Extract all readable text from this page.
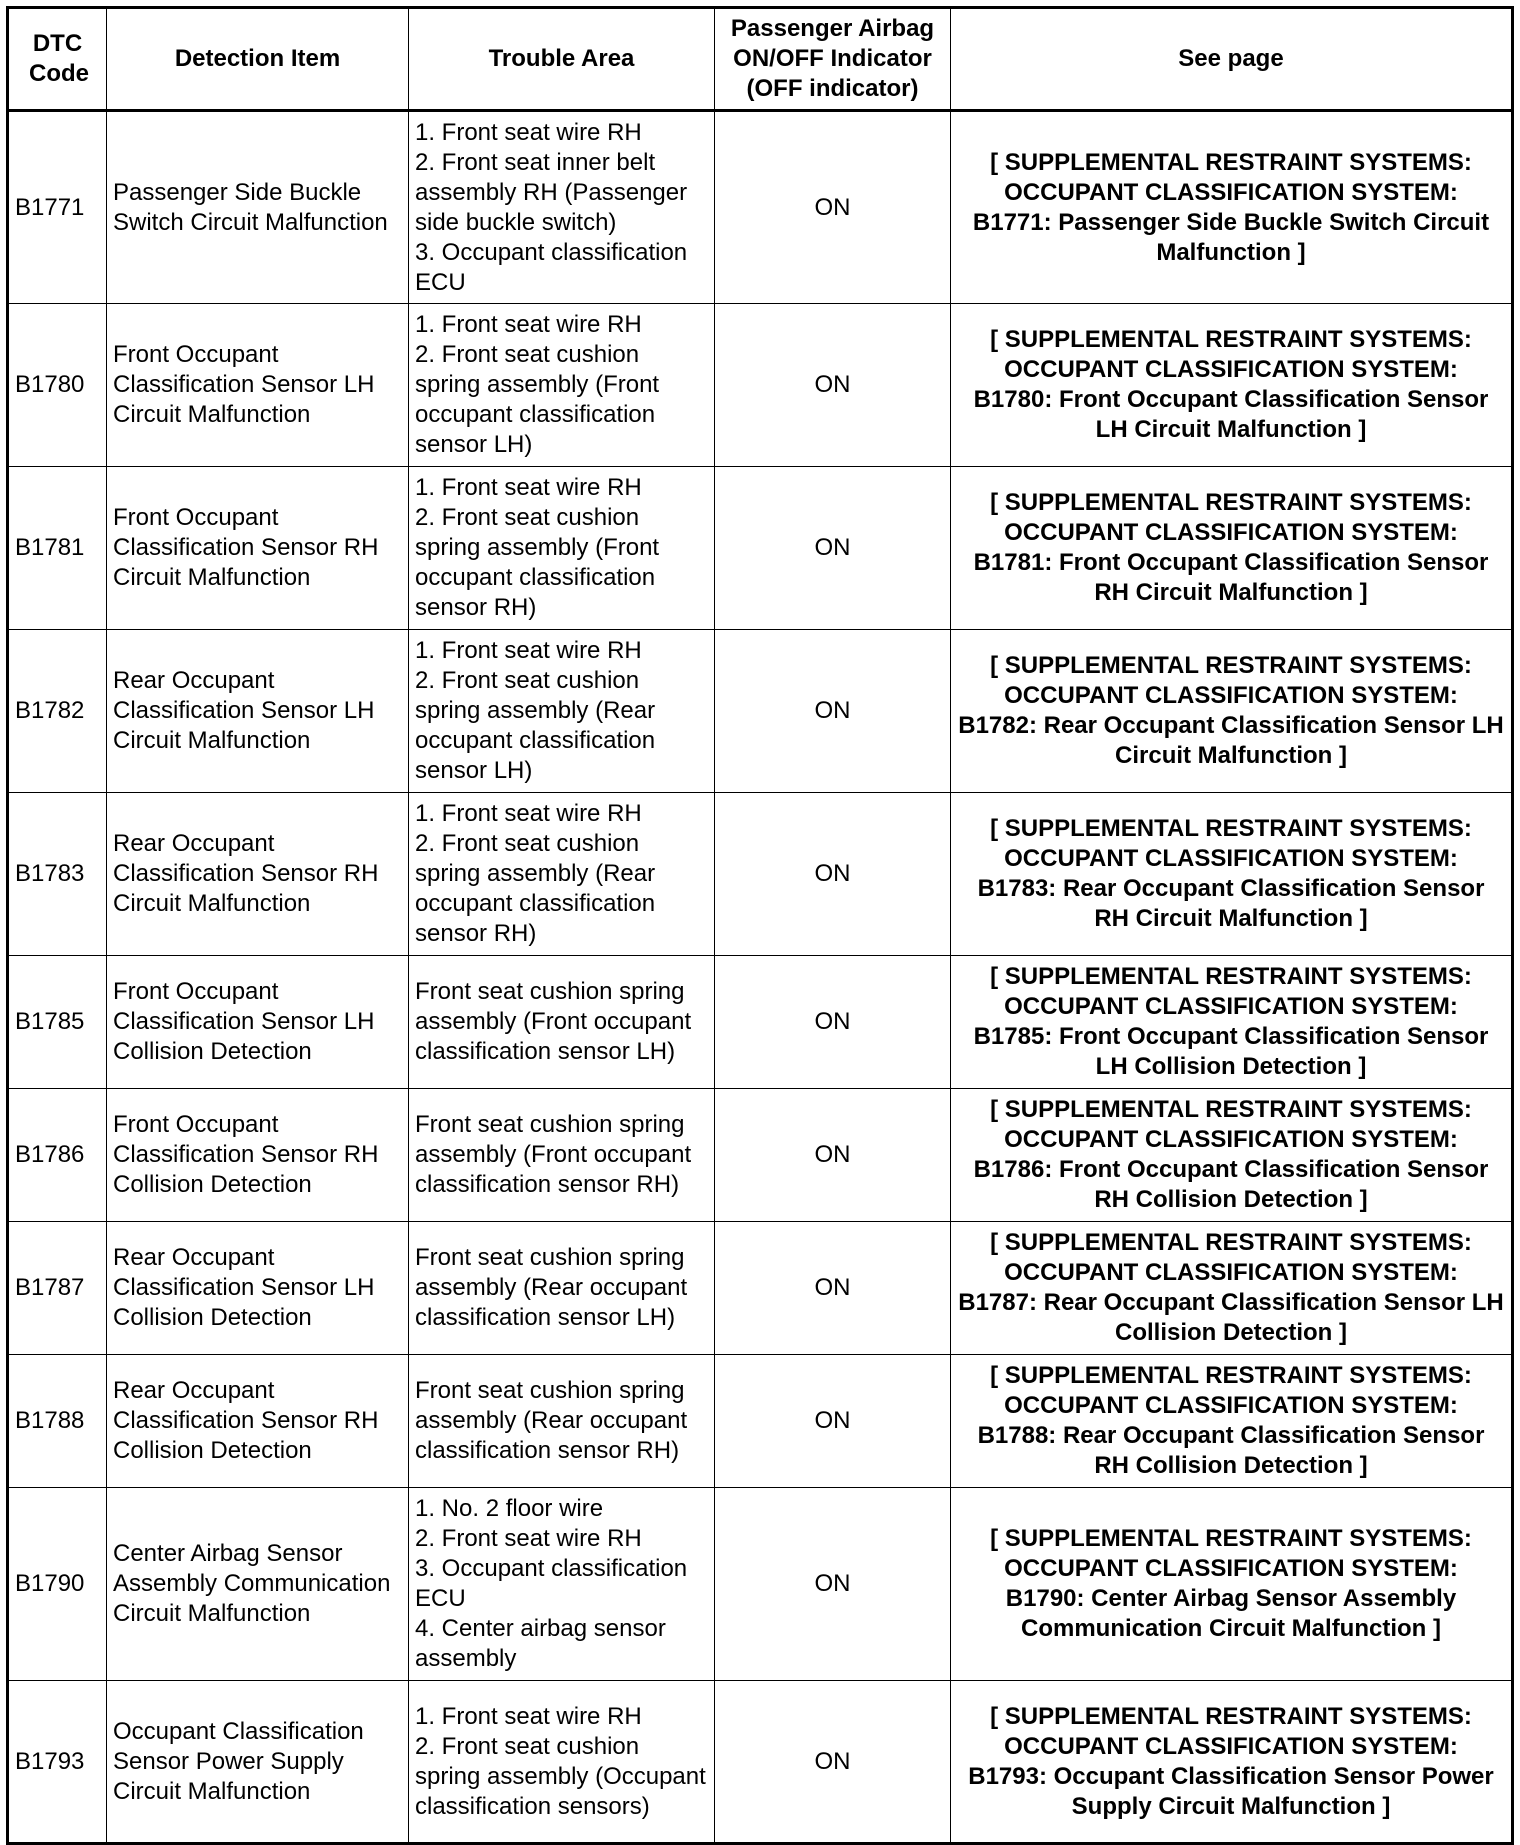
DTC Code	Detection Item	Trouble Area	Passenger Airbag ON/OFF Indicator (OFF indicator)	See page
B1771	Passenger Side Buckle Switch Circuit Malfunction	1. Front seat wire RH
2. Front seat inner belt assembly RH (Passenger side buckle switch)
3. Occupant classification ECU	ON	[ SUPPLEMENTAL RESTRAINT SYSTEMS:
OCCUPANT CLASSIFICATION SYSTEM:
B1771: Passenger Side Buckle Switch Circuit Malfunction ]

B1780	Front Occupant Classification Sensor LH Circuit Malfunction	1. Front seat wire RH
2. Front seat cushion spring assembly (Front occupant classification sensor LH)	ON	[ SUPPLEMENTAL RESTRAINT SYSTEMS:
OCCUPANT CLASSIFICATION SYSTEM:
B1780: Front Occupant Classification Sensor LH Circuit Malfunction ]

B1781	Front Occupant Classification Sensor RH Circuit Malfunction	1. Front seat wire RH
2. Front seat cushion spring assembly (Front occupant classification sensor RH)	ON	[ SUPPLEMENTAL RESTRAINT SYSTEMS:
OCCUPANT CLASSIFICATION SYSTEM:
B1781: Front Occupant Classification Sensor RH Circuit Malfunction ]

B1782	Rear Occupant Classification Sensor LH Circuit Malfunction	1. Front seat wire RH
2. Front seat cushion spring assembly (Rear occupant classification sensor LH)	ON	[ SUPPLEMENTAL RESTRAINT SYSTEMS:
OCCUPANT CLASSIFICATION SYSTEM:
B1782: Rear Occupant Classification Sensor LH Circuit Malfunction ]

B1783	Rear Occupant Classification Sensor RH Circuit Malfunction	1. Front seat wire RH
2. Front seat cushion spring assembly (Rear occupant classification sensor RH)	ON	[ SUPPLEMENTAL RESTRAINT SYSTEMS:
OCCUPANT CLASSIFICATION SYSTEM:
B1783: Rear Occupant Classification Sensor RH Circuit Malfunction ]

B1785	Front Occupant Classification Sensor LH Collision Detection	Front seat cushion spring assembly (Front occupant classification sensor LH)	ON	[ SUPPLEMENTAL RESTRAINT SYSTEMS:
OCCUPANT CLASSIFICATION SYSTEM:
B1785: Front Occupant Classification Sensor LH Collision Detection ]

B1786	Front Occupant Classification Sensor RH Collision Detection	Front seat cushion spring assembly (Front occupant classification sensor RH)	ON	[ SUPPLEMENTAL RESTRAINT SYSTEMS:
OCCUPANT CLASSIFICATION SYSTEM:
B1786: Front Occupant Classification Sensor RH Collision Detection ]

B1787	Rear Occupant Classification Sensor LH Collision Detection	Front seat cushion spring assembly (Rear occupant classification sensor LH)	ON	[ SUPPLEMENTAL RESTRAINT SYSTEMS:
OCCUPANT CLASSIFICATION SYSTEM:
B1787: Rear Occupant Classification Sensor LH Collision Detection ]

B1788	Rear Occupant Classification Sensor RH Collision Detection	Front seat cushion spring assembly (Rear occupant classification sensor RH)	ON	[ SUPPLEMENTAL RESTRAINT SYSTEMS:
OCCUPANT CLASSIFICATION SYSTEM:
B1788: Rear Occupant Classification Sensor RH Collision Detection ]

B1790	Center Airbag Sensor Assembly Communication Circuit Malfunction	1. No. 2 floor wire
2. Front seat wire RH
3. Occupant classification ECU
4. Center airbag sensor assembly	ON	[ SUPPLEMENTAL RESTRAINT SYSTEMS:
OCCUPANT CLASSIFICATION SYSTEM:
B1790: Center Airbag Sensor Assembly Communication Circuit Malfunction ]

B1793	Occupant Classification Sensor Power Supply Circuit Malfunction	1. Front seat wire RH
2. Front seat cushion spring assembly (Occupant classification sensors)	ON	[ SUPPLEMENTAL RESTRAINT SYSTEMS:
OCCUPANT CLASSIFICATION SYSTEM:
B1793: Occupant Classification Sensor Power Supply Circuit Malfunction ]
